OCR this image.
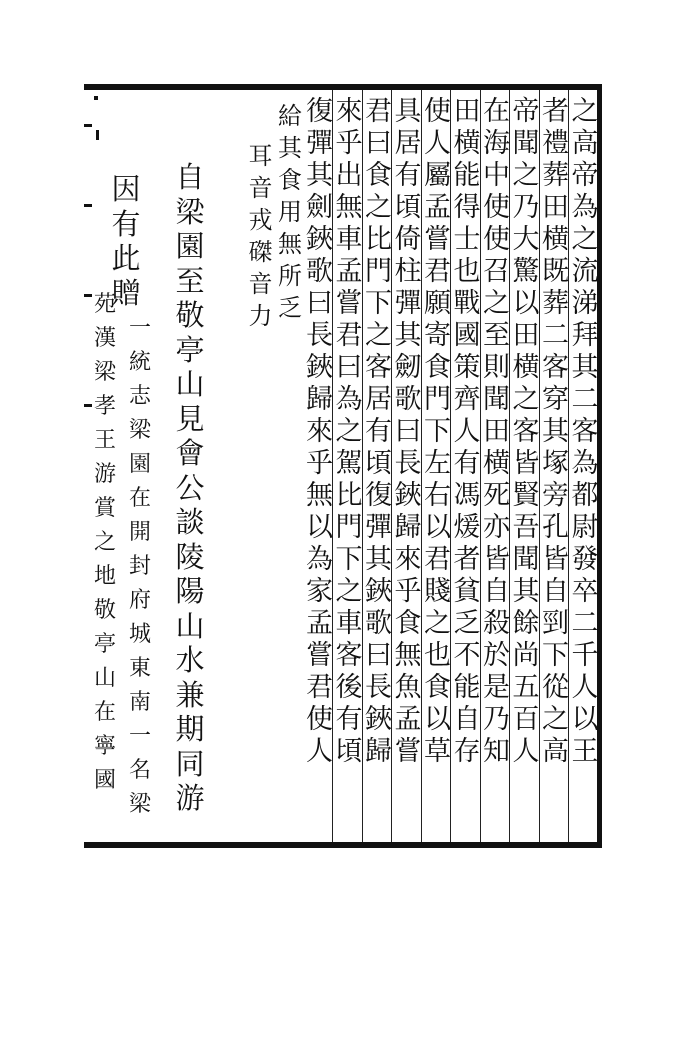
之
高
帝
為
之
流
涕
拜
其
二
客
為
都
尉
發
卒
二
千
人
以
王
者
禮
葬
田
横
既
葬
二
客
穿
其
塚
旁
孔
皆
自
剄
下
從
之
高
帝
聞
之
乃
大
驚
以
田
横
之
客
皆
賢
吾
聞
其
餘
尚
五
百
人
在
海
中
使
使
召
之
至
則
聞
田
横
死
亦
皆
自
殺
於
是
乃
知
田
横
能
得
士
也
戰
國
策
齊
人
有
馮
煖
者
貧
乏
不
能
自
存
使
人
屬
孟
嘗
君
願
寄
食
門
下
左
右
以
君
賤
之
也
食
以
草
具
居
有
頃
倚
柱
彈
其
劒
歌
曰
長
鋏
歸
來
乎
食
無
魚
孟
嘗
君
曰
食
之
比
門
下
之
客
居
有
頃
復
彈
其
鋏
歌
曰
長
鋏
歸
來
乎
出
無
車
孟
嘗
君
曰
為
之
駕
比
門
下
之
車
客
後
有
頃
復
彈
其
劍
鋏
歌
曰
長
鋏
歸
來
乎
無
以
為
家
孟
嘗
君
使
人
給
其
食
用
無
所
乏
耳
音
戎
磔
音
力
自
梁
園
至
敬
亭
山
見
會
公
談
陵
陽
山
水
兼
期
同
游
因
有
此
贈
一
統
志
梁
園
在
開
封
府
城
東
南
一
名
梁
苑
漢
梁
孝
王
游
賞
之
地
敬
亭
山
在
寧
國
